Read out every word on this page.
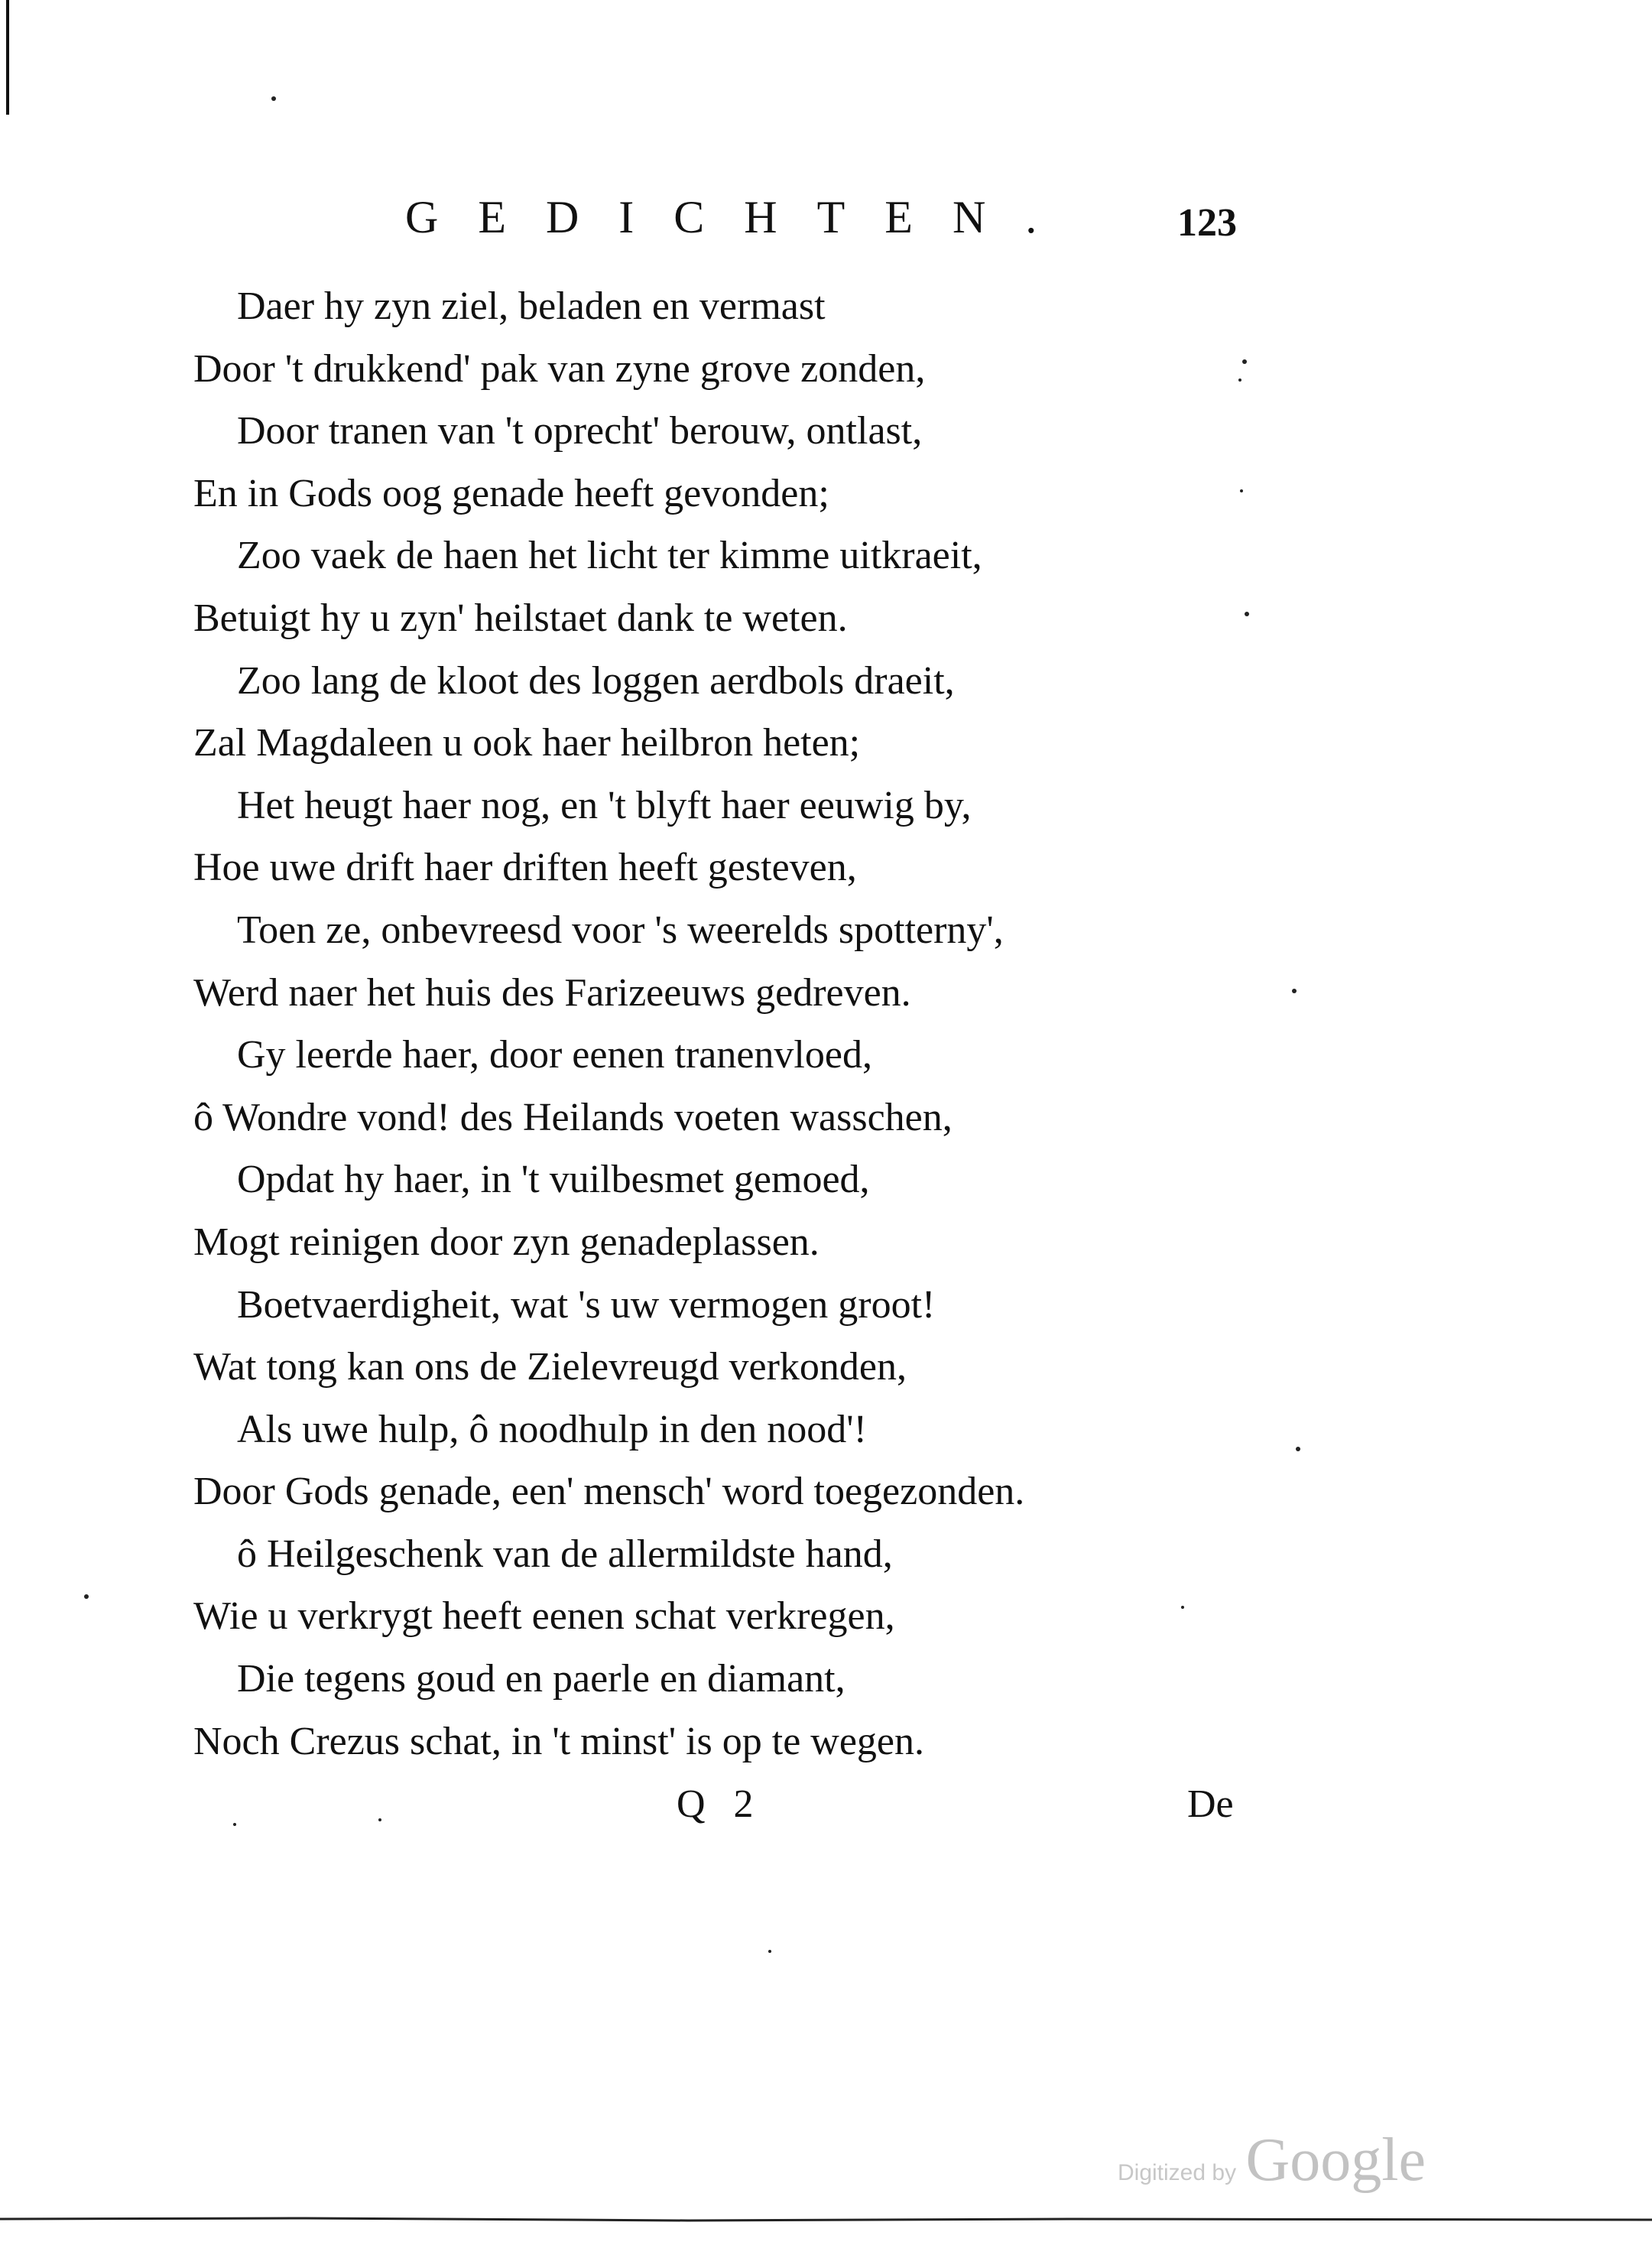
GEDICHTEN.	123
Daer hy zyn ziel, beladen en vermast
Door 't drukkend' pak van zyne grove zonden,
Door tranen van 't oprecht' berouw, ontlast,
En in Gods oog genade heeft gevonden;
Zoo vaek de haen het licht ter kimme uitkraeit,
Betuigt hy u zyn' heilstaet dank te weten.
Zoo lang de kloot des loggen aerdbols draeit,
Zal Magdaleen u ook haer heilbron heten;
Het heugt haer nog, en 't blyft haer eeuwig by,
Hoe uwe drift haer driften heeft gesteven,
Toen ze, onbevreesd voor 's weerelds spotterny',
Werd naer het huis des Farizeeuws gedreven.
Gy leerde haer, door eenen tranenvloed,
ô Wondre vond! des Heilands voeten wasschen,
Opdat hy haer, in 't vuilbesmet gemoed,
Mogt reinigen door zyn genadeplassen.
Boetvaerdigheit, wat 's uw vermogen groot!
Wat tong kan ons de Zielevreugd verkonden,
Als uwe hulp, ô noodhulp in den nood'!
Door Gods genade, een' mensch' word toegezonden.
ô Heilgeschenk van de allermildste hand,
Wie u verkrygt heeft eenen schat verkregen,
Die tegens goud en paerle en diamant,
Noch Crezus schat, in 't minst' is op te wegen.
Q 2	De
Digitized by Google
